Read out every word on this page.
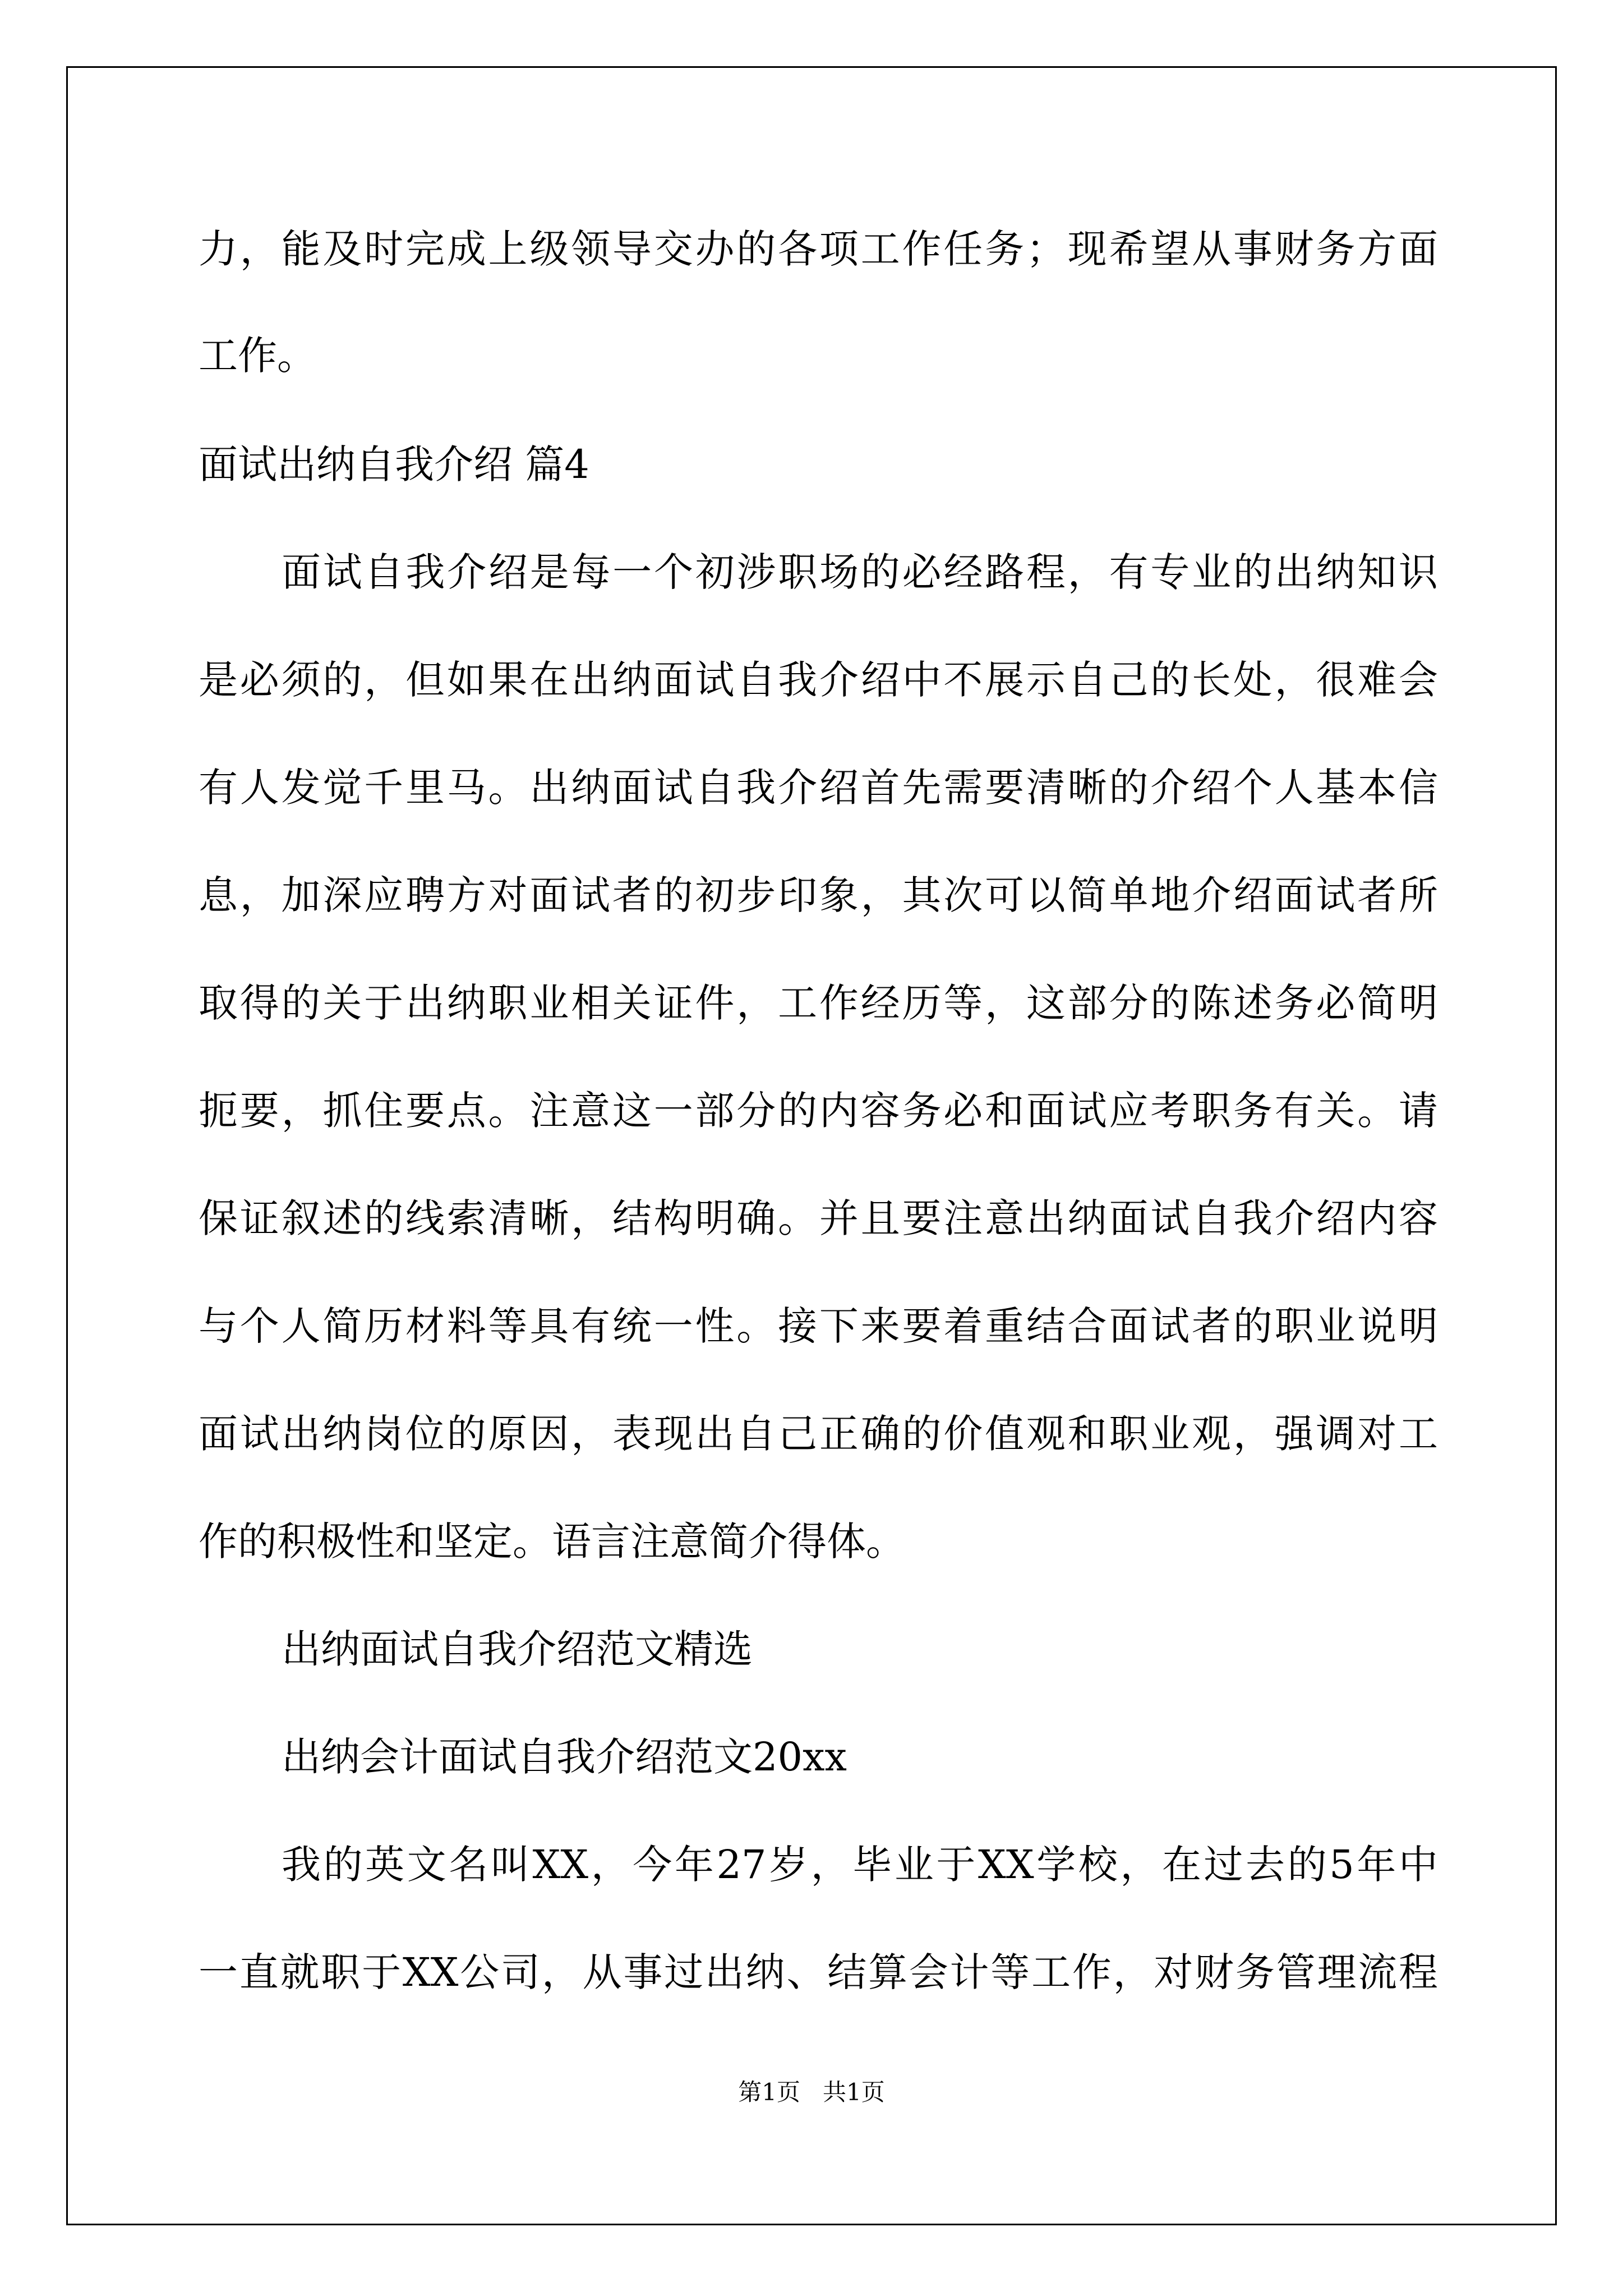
力，能及时完成上级领导交办的各项工作任务；现希望从事财务方面
工作。
面试出纳自我介绍 篇4
面试自我介绍是每一个初涉职场的必经路程，有专业的出纳知识
是必须的，但如果在出纳面试自我介绍中不展示自己的长处，很难会
有人发觉千里马。出纳面试自我介绍首先需要清晰的介绍个人基本信
息，加深应聘方对面试者的初步印象，其次可以简单地介绍面试者所
取得的关于出纳职业相关证件，工作经历等，这部分的陈述务必简明
扼要，抓住要点。注意这一部分的内容务必和面试应考职务有关。请
保证叙述的线索清晰，结构明确。并且要注意出纳面试自我介绍内容
与个人简历材料等具有统一性。接下来要着重结合面试者的职业说明
面试出纳岗位的原因，表现出自己正确的价值观和职业观，强调对工
作的积极性和坚定。语言注意简介得体。
出纳面试自我介绍范文精选
出纳会计面试自我介绍范文20xx
我的英文名叫XX，今年27岁，毕业于XX学校，在过去的5年中
一直就职于XX公司，从事过出纳、结算会计等工作，对财务管理流程
第1页   共1页
